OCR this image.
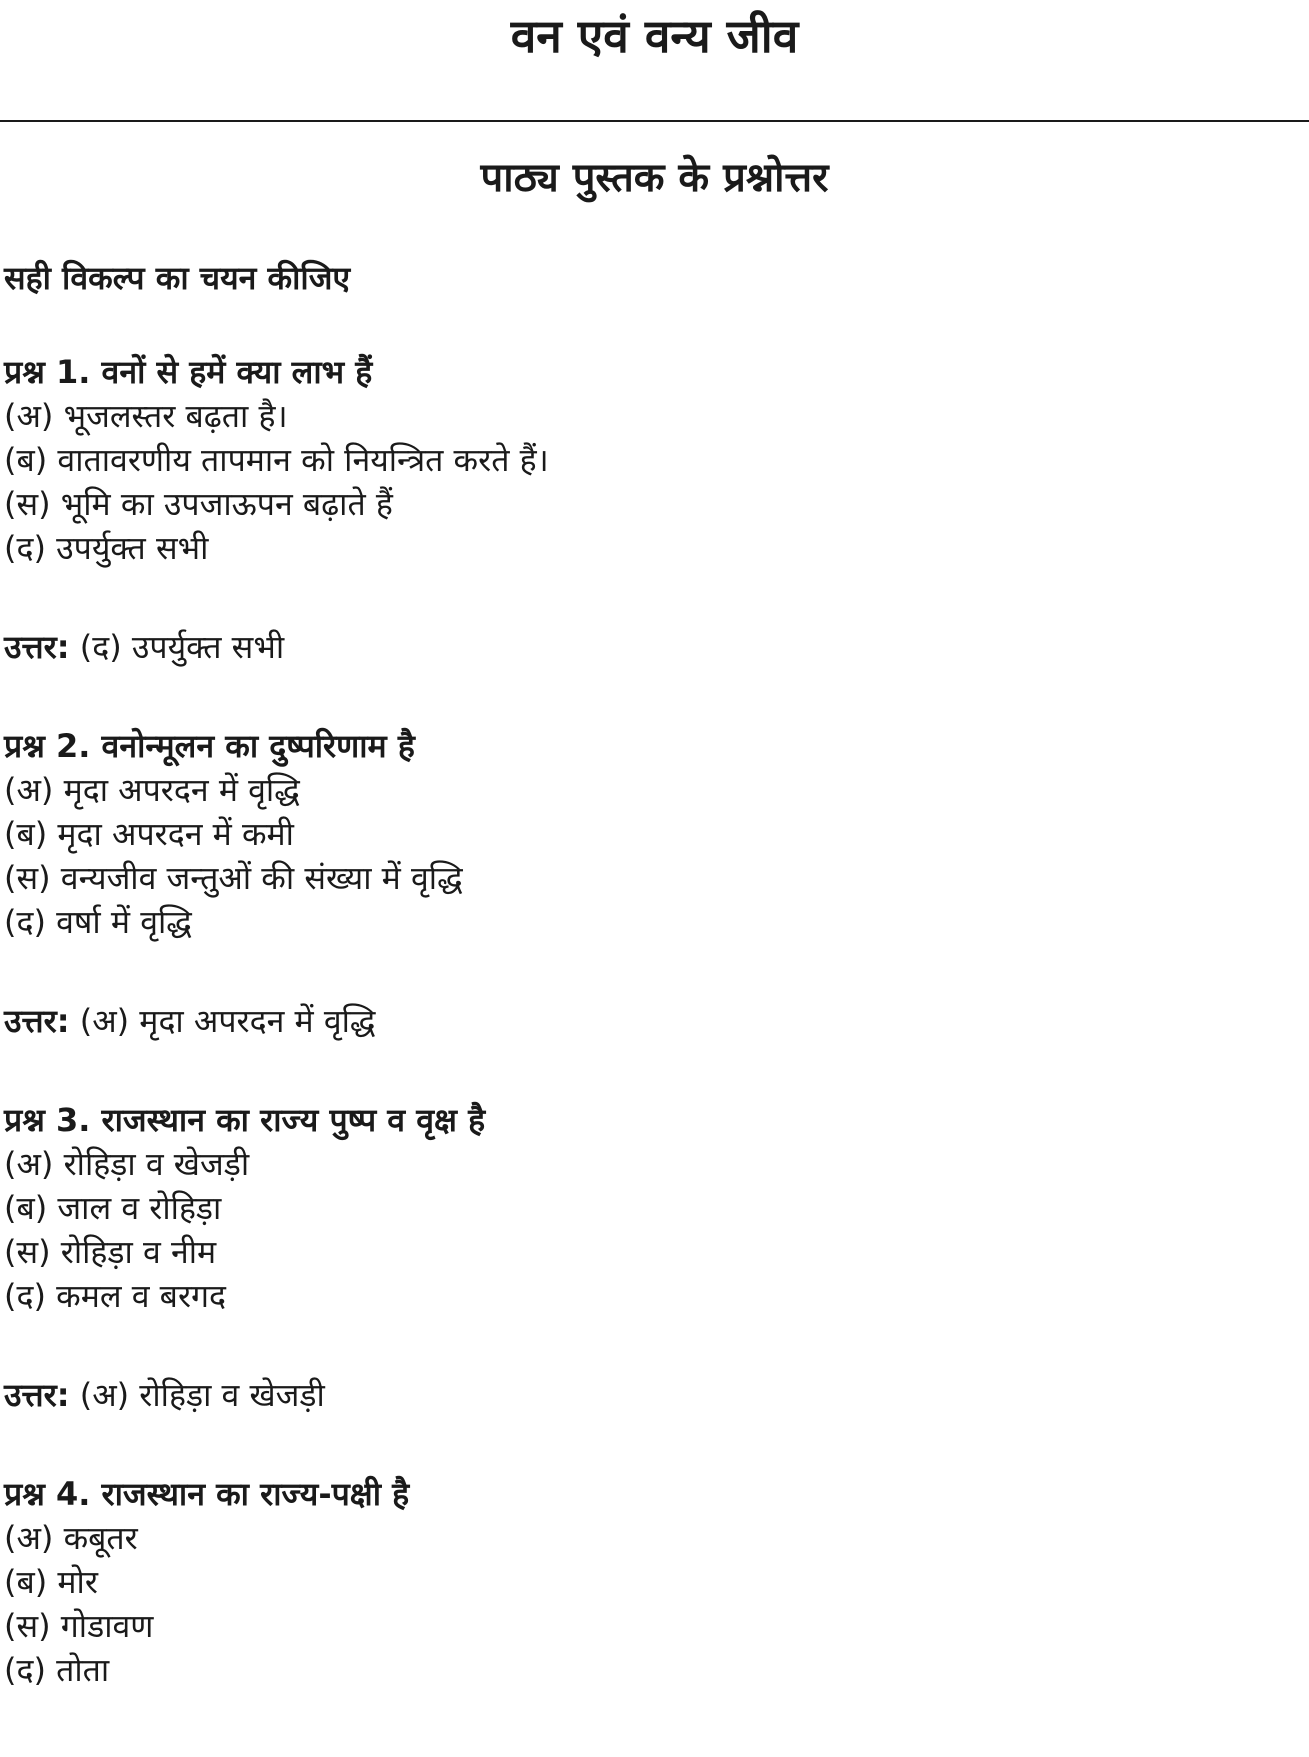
वन एवं वन्य जीव
पाठ्य पुस्तक के प्रश्नोत्तर

सही विकल्प का चयन कीजिए

प्रश्न 1. वनों से हमें क्या लाभ हैं

(अ) भूजलस्तर बढ़ता है।

(ब) वातावरणीय तापमान को नियन्त्रित करते हैं।

(स) भूमि का उपजाऊपन बढ़ाते हैं

(द) उपर्युक्त सभी

उत्तर: (द) उपर्युक्त सभी

प्रश्न 2. वनोन्मूलन का दुष्परिणाम है

(अ) मृदा अपरदन में वृद्धि

(ब) मृदा अपरदन में कमी

(स) वन्यजीव जन्तुओं की संख्या में वृद्धि

(द) वर्षा में वृद्धि

उत्तर: (अ) मृदा अपरदन में वृद्धि

प्रश्न 3. राजस्थान का राज्य पुष्प व वृक्ष है

(अ) रोहिड़ा व खेजड़ी

(ब) जाल व रोहिड़ा

(स) रोहिड़ा व नीम

(द) कमल व बरगद

उत्तर: (अ) रोहिड़ा व खेजड़ी

प्रश्न 4. राजस्थान का राज्य-पक्षी है

(अ) कबूतर

(ब) मोर

(स) गोडावण

(द) तोता
